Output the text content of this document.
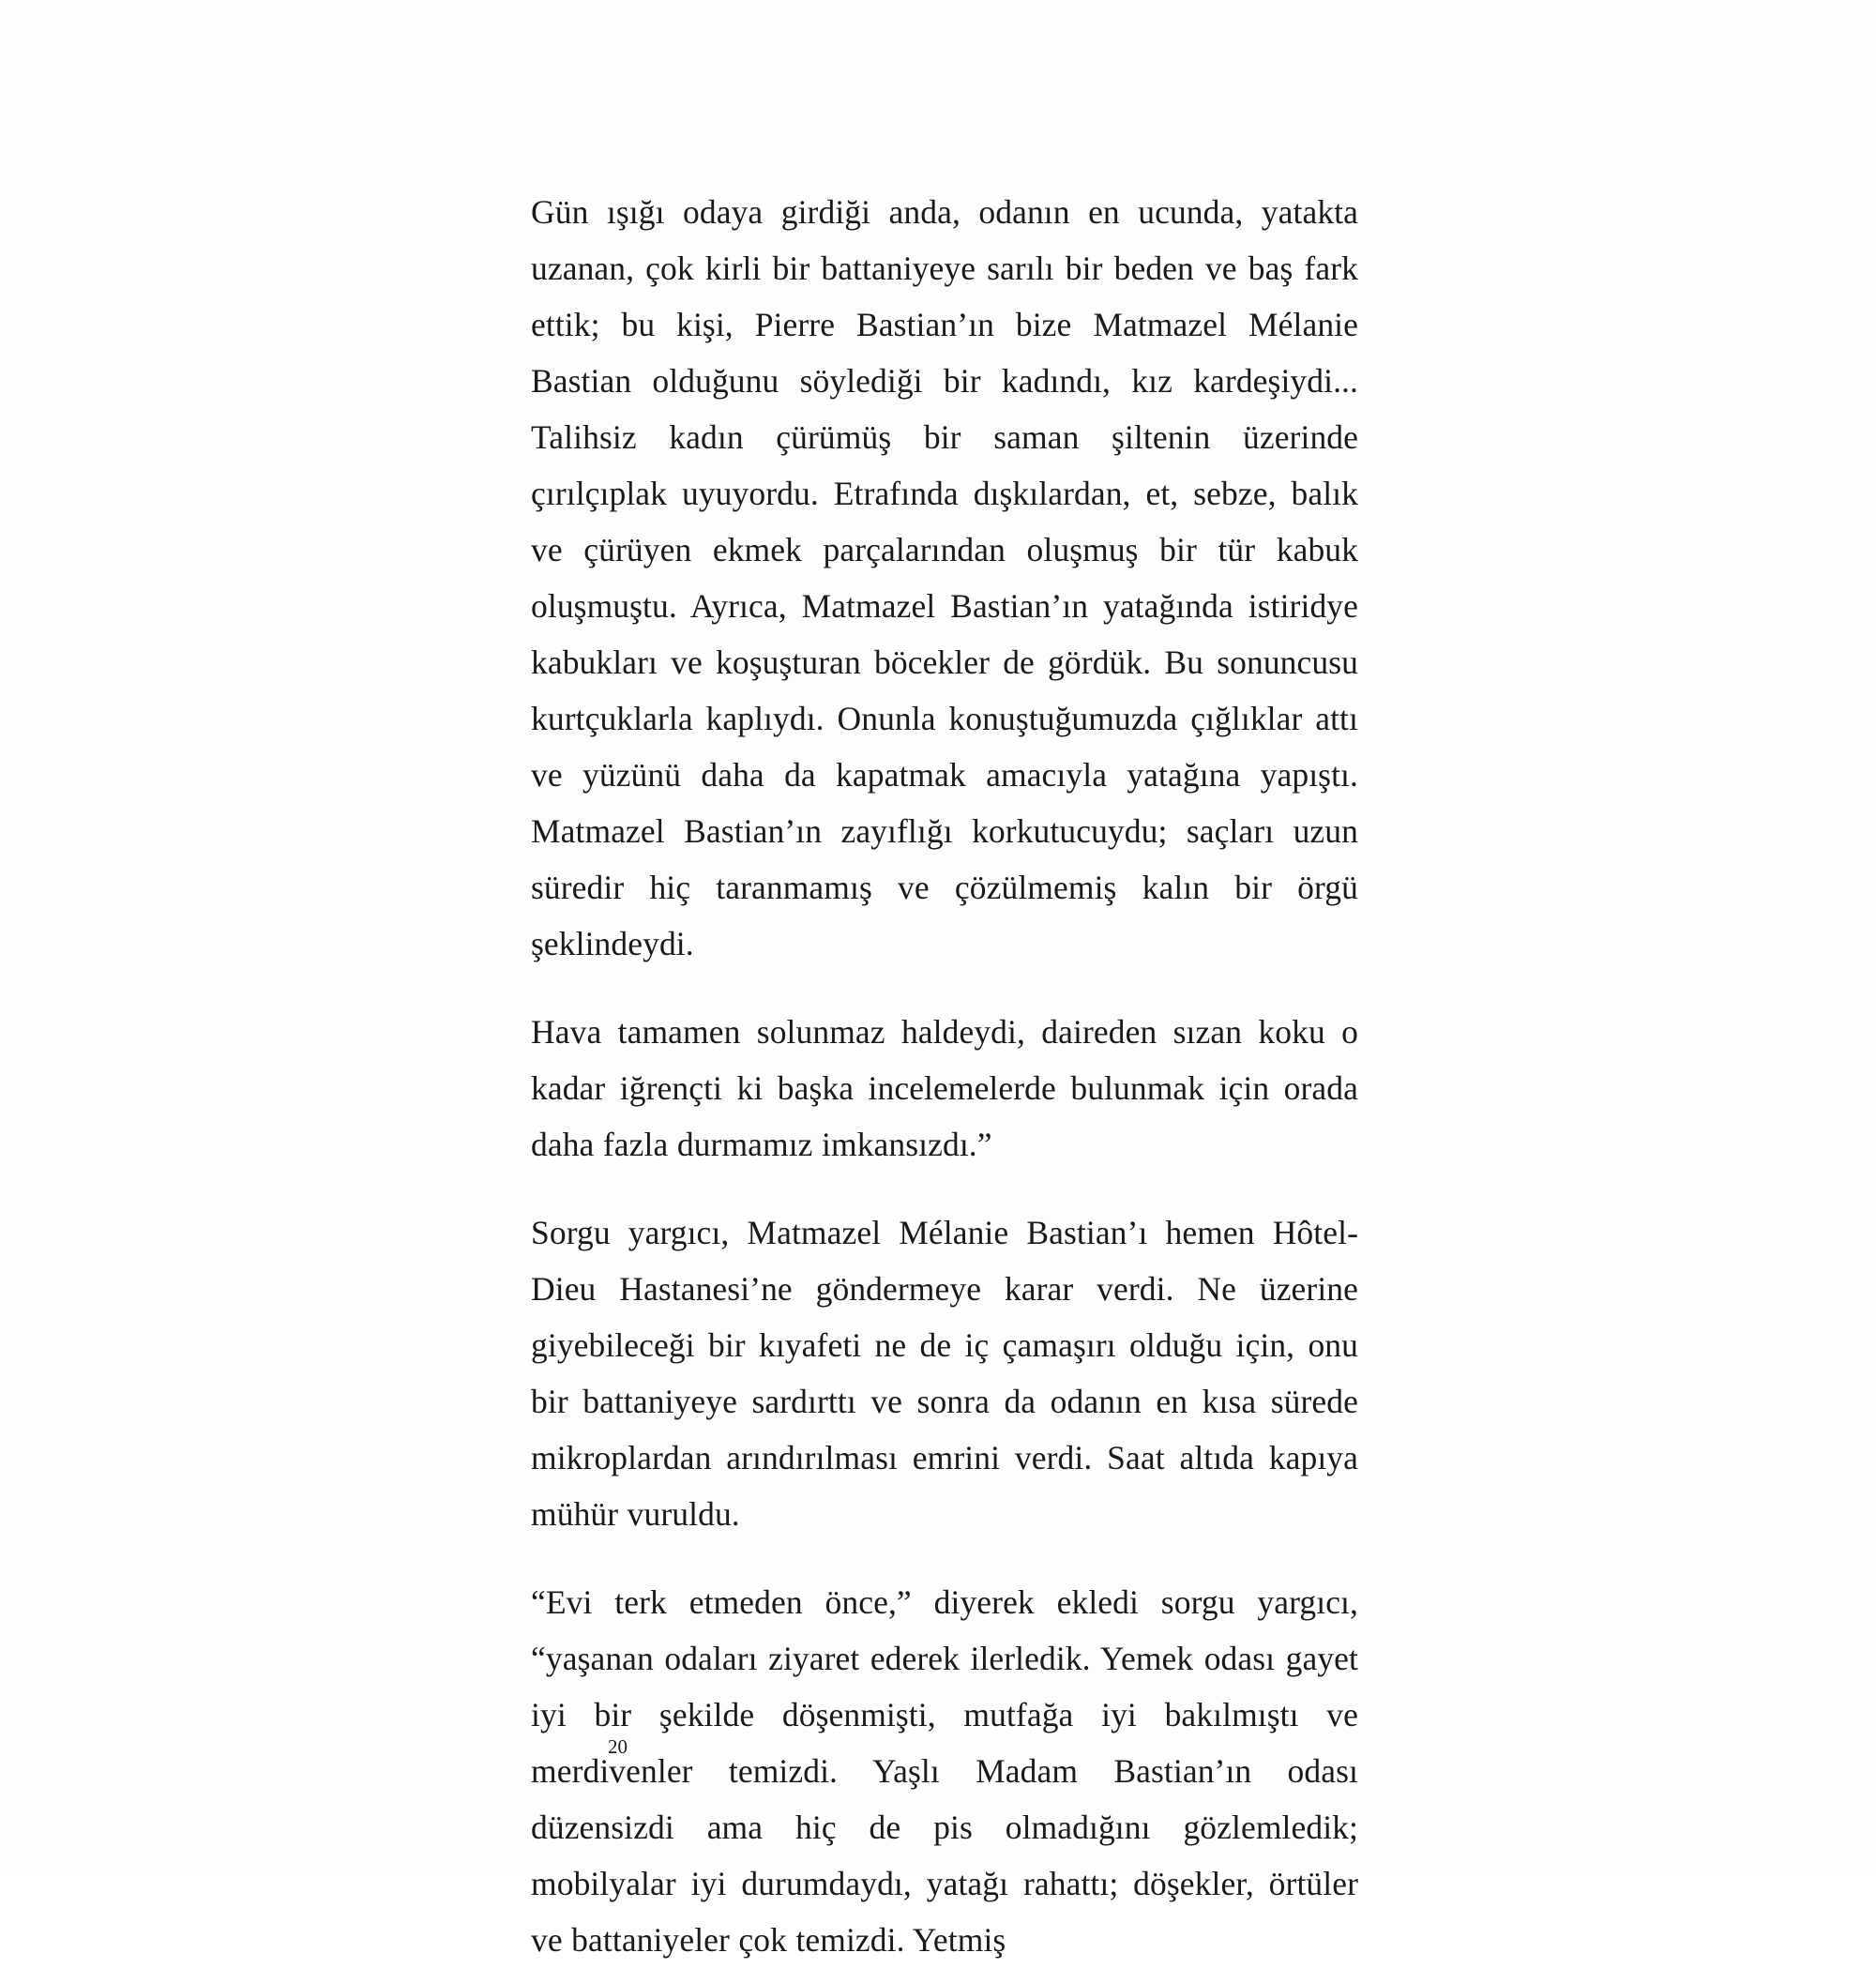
Gün ışığı odaya girdiği anda, odanın en ucunda, yatakta uzanan, çok kirli bir battaniyeye sarılı bir beden ve baş fark ettik; bu kişi, Pierre Bastian’ın bize Matmazel Mélanie Bastian olduğunu söylediği bir kadındı, kız kardeşiydi... Talihsiz kadın çürümüş bir saman şiltenin üzerinde çırılçıplak uyuyordu. Etrafında dışkılardan, et, sebze, balık ve çürüyen ekmek parçalarından oluşmuş bir tür kabuk oluşmuştu. Ayrıca, Matmazel Bastian’ın yatağında istiridye kabukları ve koşuşturan böcekler de gördük. Bu sonuncusu kurtçuklarla kaplıydı. Onunla konuştuğumuzda çığlıklar attı ve yüzünü daha da kapatmak amacıyla yatağına yapıştı. Matmazel Bastian’ın zayıflığı korkutucuydu; saçları uzun süredir hiç taranmamış ve çözülmemiş kalın bir örgü şeklindeydi.

Hava tamamen solunmaz haldeydi, daireden sızan koku o kadar iğrençti ki başka incelemelerde bulunmak için orada daha fazla durmamız imkansızdı.”

Sorgu yargıcı, Matmazel Mélanie Bastian’ı hemen Hôtel-Dieu Hastanesi’ne göndermeye karar verdi. Ne üzerine giyebileceği bir kıyafeti ne de iç çamaşırı olduğu için, onu bir battaniyeye sardırttı ve sonra da odanın en kısa sürede mikroplardan arındırılması emrini verdi. Saat altıda kapıya mühür vuruldu.

“Evi terk etmeden önce,” diyerek ekledi sorgu yargıcı, “yaşanan odaları ziyaret ederek ilerledik. Yemek odası gayet iyi bir şekilde döşenmişti, mutfağa iyi bakılmıştı ve merdivenler temizdi. Yaşlı Madam Bastian’ın odası düzensizdi ama hiç de pis olmadığını gözlemledik; mobilyalar iyi durumdaydı, yatağı rahattı; döşekler, örtüler ve battaniyeler çok temizdi. Yetmiş

20
